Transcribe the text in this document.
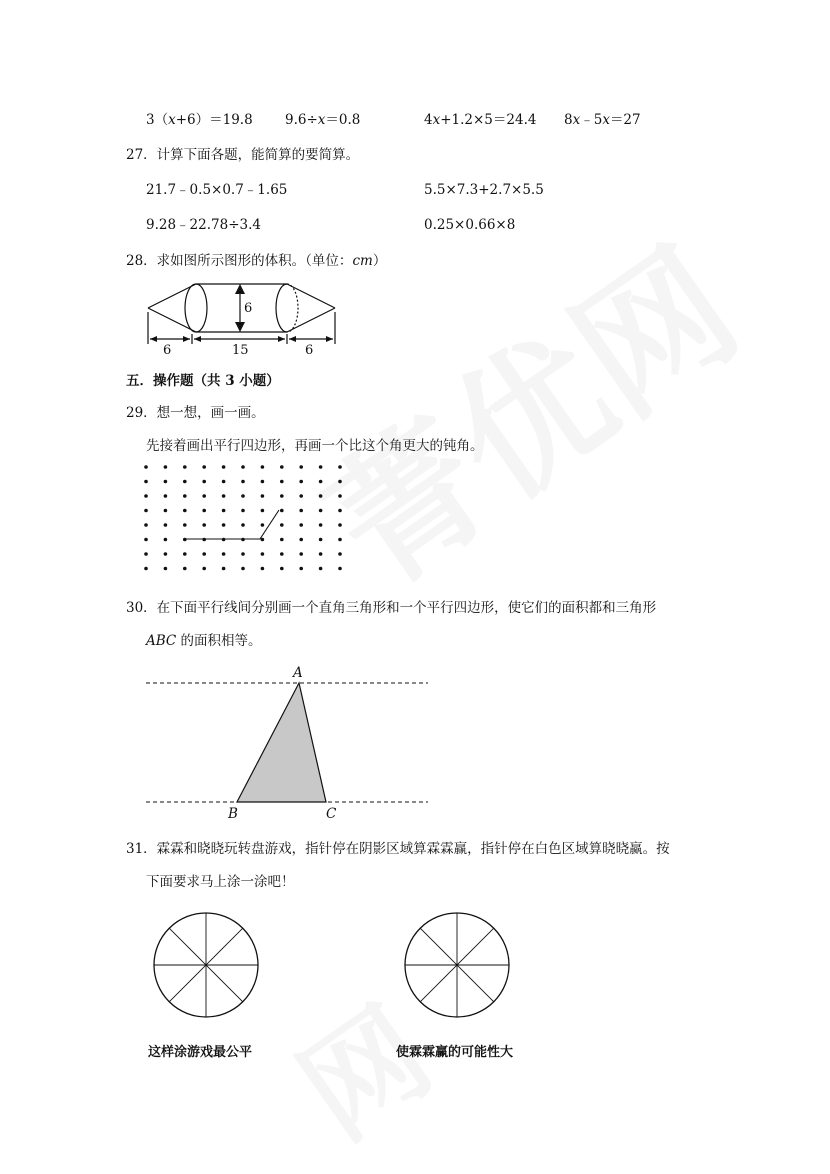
3（x+6）＝19.8 9.6÷x＝0.8	4x+1.2×5＝24.4 8x﹣5x＝27
27．计算下面各题，能简算的要简算。
21.7﹣0.5×0.7﹣1.65	5.5×7.3+2.7×5.5
9.28﹣22.78÷3.4	0.25×0.66×8
28．求如图所示图形的体积。（单位：cm）
6
6	15	6
五．操作题（共 3 小题）
29．想一想，画一画。
先接着画出平行四边形，再画一个比这个角更大的钝角。
30．在下面平行线间分别画一个直角三角形和一个平行四边形，使它们的面积都和三角形
ABC 的面积相等。
A
B	C
31．霖霖和晓晓玩转盘游戏，指针停在阴影区域算霖霖赢，指针停在白色区域算晓晓赢。按
下面要求马上涂一涂吧！
这样涂游戏最公平	使霖霖赢的可能性大
